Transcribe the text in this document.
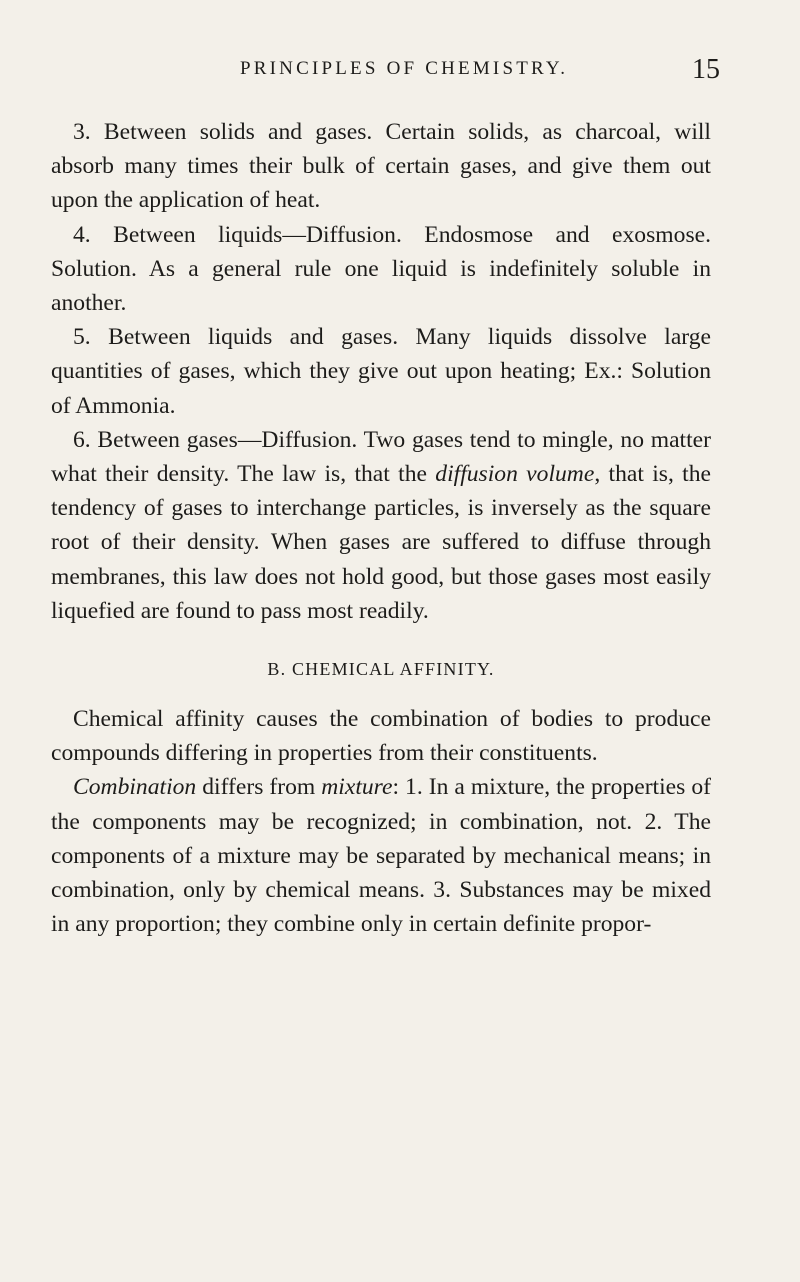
PRINCIPLES OF CHEMISTRY.	15

3. Between solids and gases. Certain solids, as charcoal, will absorb many times their bulk of certain gases, and give them out upon the application of heat.

4. Between liquids—Diffusion. Endosmose and exosmose. Solution. As a general rule one liquid is indefinitely soluble in another.

5. Between liquids and gases. Many liquids dissolve large quantities of gases, which they give out upon heating; Ex.: Solution of Ammonia.

6. Between gases—Diffusion. Two gases tend to mingle, no matter what their density. The law is, that the diffusion volume, that is, the tendency of gases to interchange particles, is inversely as the square root of their density. When gases are suffered to diffuse through membranes, this law does not hold good, but those gases most easily liquefied are found to pass most readily.

B. CHEMICAL AFFINITY.

Chemical affinity causes the combination of bodies to produce compounds differing in properties from their constituents.

Combination differs from mixture: 1. In a mixture, the properties of the components may be recognized; in combination, not. 2. The components of a mixture may be separated by mechanical means; in combination, only by chemical means. 3. Substances may be mixed in any proportion; they combine only in certain definite propor-
